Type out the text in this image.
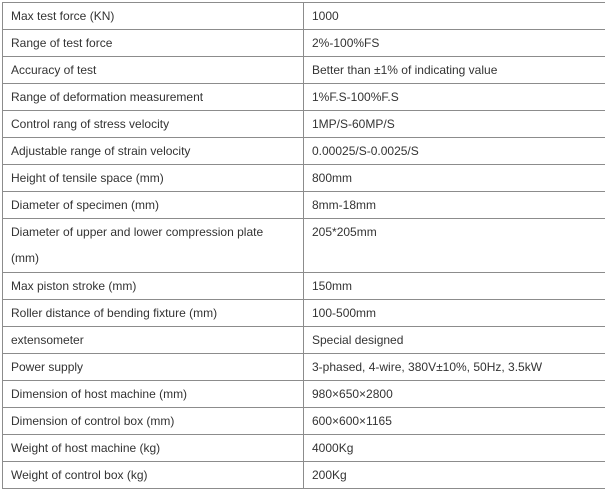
Max test force (KN)	1000
Range of test force	2%-100%FS
Accuracy of test	Better than ±1% of indicating value
Range of deformation measurement	1%F.S-100%F.S
Control rang of stress velocity	1MP/S-60MP/S
Adjustable range of strain velocity	0.00025/S-0.0025/S
Height of tensile space (mm)	800mm
Diameter of specimen (mm)	8mm-18mm
Diameter of upper and lower compression plate (mm)	205*205mm
Max piston stroke (mm)	150mm
Roller distance of bending fixture (mm)	100-500mm
extensometer	Special designed
Power supply	3-phased, 4-wire, 380V±10%, 50Hz, 3.5kW
Dimension of host machine (mm)	980×650×2800
Dimension of control box (mm)	600×600×1165
Weight of host machine (kg)	4000Kg
Weight of control box (kg)	200Kg
